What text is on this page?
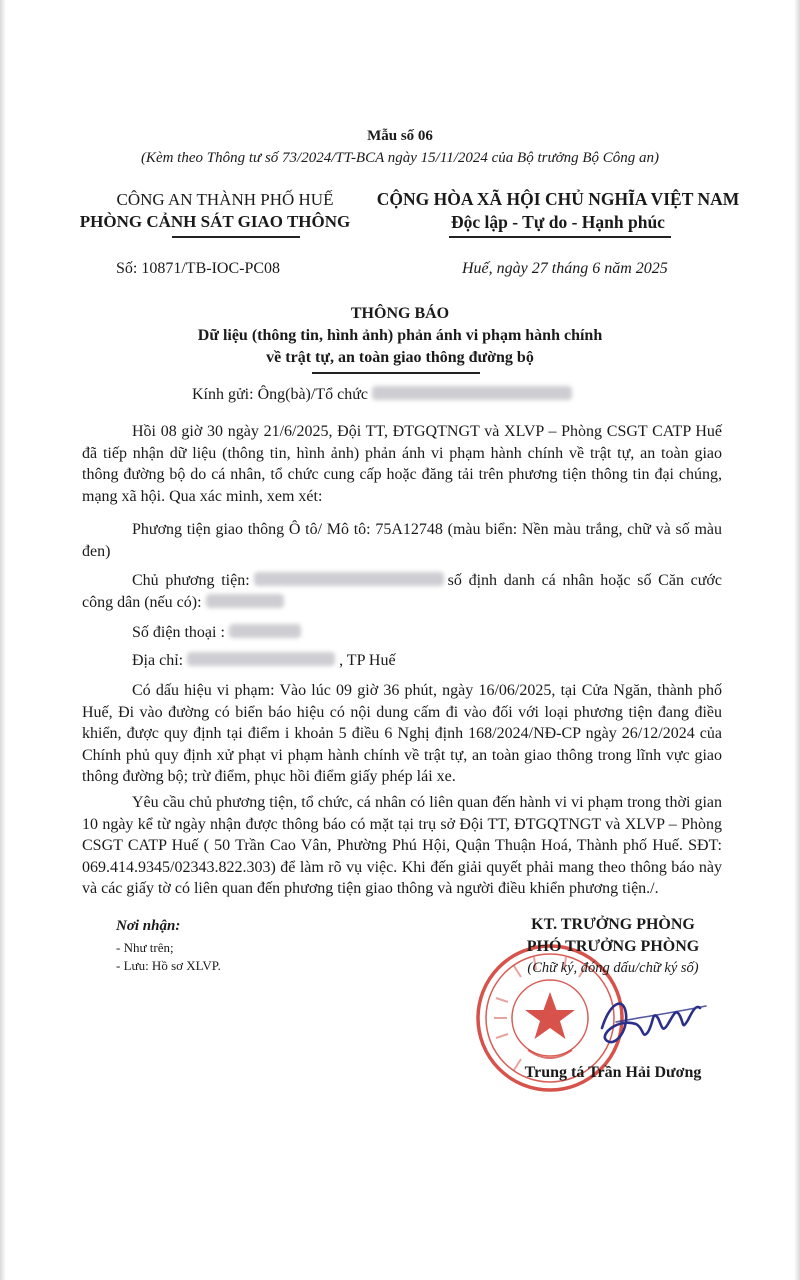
Mẫu số 06
(Kèm theo Thông tư số 73/2024/TT-BCA ngày 15/11/2024 của Bộ trưởng Bộ Công an)
CÔNG AN THÀNH PHỐ HUẾ
PHÒNG CẢNH SÁT GIAO THÔNG
CỘNG HÒA XÃ HỘI CHỦ NGHĨA VIỆT NAM
Độc lập - Tự do - Hạnh phúc
Số: 10871/TB-IOC-PC08	Huế, ngày 27 tháng 6 năm 2025
THÔNG BÁO
Dữ liệu (thông tin, hình ảnh) phản ánh vi phạm hành chính
về trật tự, an toàn giao thông đường bộ
Kính gửi: Ông(bà)/Tổ chức
Hồi 08 giờ 30 ngày 21/6/2025, Đội TT, ĐTGQTNGT và XLVP – Phòng CSGT CATP Huế đã tiếp nhận dữ liệu (thông tin, hình ảnh) phản ánh vi phạm hành chính về trật tự, an toàn giao thông đường bộ do cá nhân, tổ chức cung cấp hoặc đăng tải trên phương tiện thông tin đại chúng, mạng xã hội. Qua xác minh, xem xét:
Phương tiện giao thông Ô tô/ Mô tô: 75A12748 (màu biển: Nền màu trắng, chữ và số màu đen)
Chủ phương tiện:	số định danh cá nhân hoặc số Căn cước công dân (nếu có):
Số điện thoại :
Địa chỉ:	, TP Huế
Có dấu hiệu vi phạm: Vào lúc 09 giờ 36 phút, ngày 16/06/2025, tại Cửa Ngăn, thành phố Huế, Đi vào đường có biển báo hiệu có nội dung cấm đi vào đối với loại phương tiện đang điều khiển, được quy định tại điểm i khoản 5 điều 6 Nghị định 168/2024/NĐ-CP ngày 26/12/2024 của Chính phủ quy định xử phạt vi phạm hành chính về trật tự, an toàn giao thông trong lĩnh vực giao thông đường bộ; trừ điểm, phục hồi điểm giấy phép lái xe.
Yêu cầu chủ phương tiện, tổ chức, cá nhân có liên quan đến hành vi vi phạm trong thời gian 10 ngày kể từ ngày nhận được thông báo có mặt tại trụ sở Đội TT, ĐTGQTNGT và XLVP – Phòng CSGT CATP Huế ( 50 Trần Cao Vân, Phường Phú Hội, Quận Thuận Hoá, Thành phố Huế. SĐT: 069.414.9345/02343.822.303) để làm rõ vụ việc. Khi đến giải quyết phải mang theo thông báo này và các giấy tờ có liên quan đến phương tiện giao thông và người điều khiển phương tiện./.
Nơi nhận:
- Như trên;
- Lưu: Hồ sơ XLVP.
KT. TRƯỞNG PHÒNG
PHÓ TRƯỞNG PHÒNG
(Chữ ký, đóng dấu/chữ ký số)
Trung tá Trần Hải Dương
